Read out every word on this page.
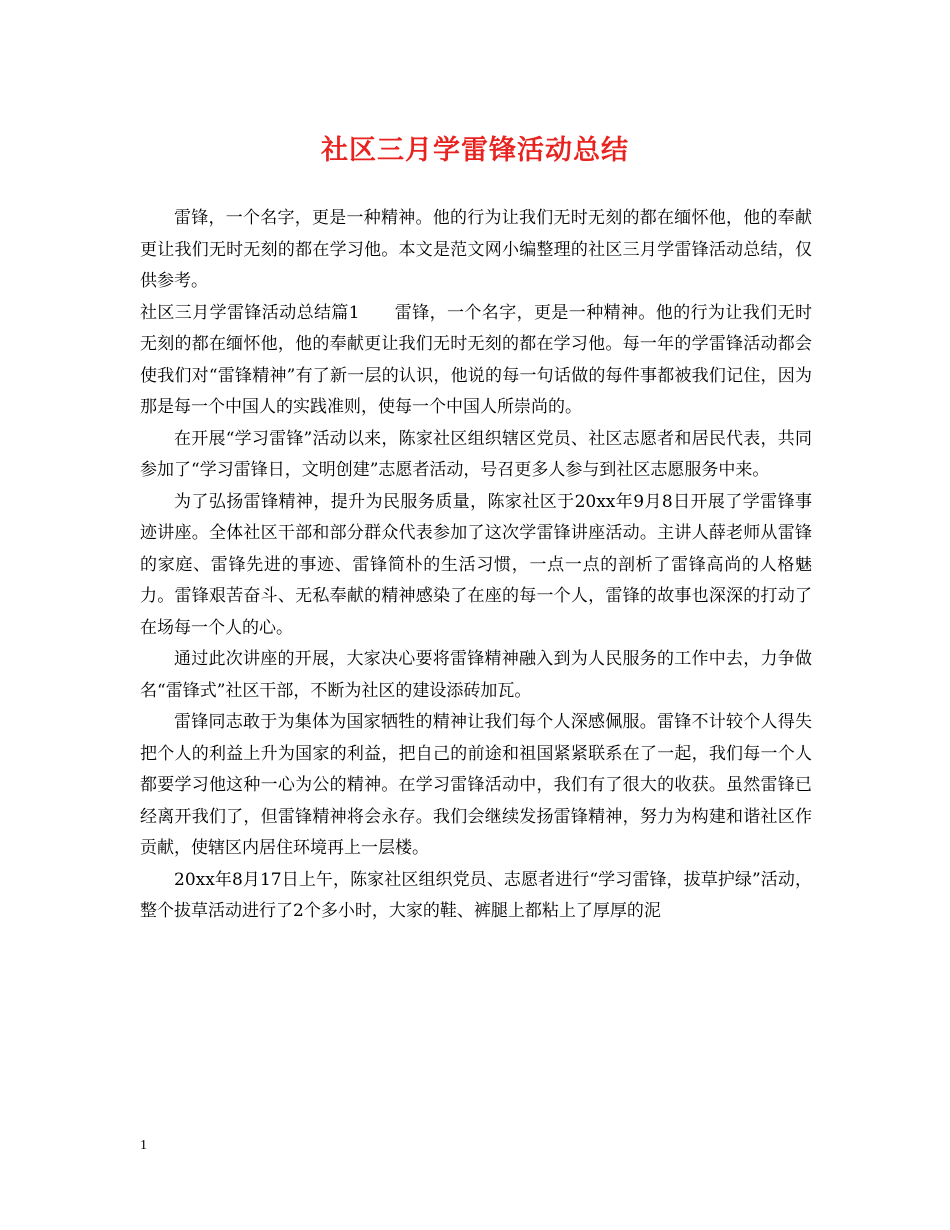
社区三月学雷锋活动总结

雷锋，一个名字，更是一种精神。他的行为让我们无时无刻的都在缅怀他，他的奉献更让我们无时无刻的都在学习他。本文是范文网小编整理的社区三月学雷锋活动总结，仅供参考。

社区三月学雷锋活动总结篇1　　雷锋，一个名字，更是一种精神。他的行为让我们无时无刻的都在缅怀他，他的奉献更让我们无时无刻的都在学习他。每一年的学雷锋活动都会使我们对“雷锋精神”有了新一层的认识，他说的每一句话做的每件事都被我们记住，因为那是每一个中国人的实践准则，使每一个中国人所崇尚的。

在开展“学习雷锋”活动以来，陈家社区组织辖区党员、社区志愿者和居民代表，共同参加了“学习雷锋日，文明创建”志愿者活动，号召更多人参与到社区志愿服务中来。

为了弘扬雷锋精神，提升为民服务质量，陈家社区于20xx年9月8日开展了学雷锋事迹讲座。全体社区干部和部分群众代表参加了这次学雷锋讲座活动。主讲人薛老师从雷锋的家庭、雷锋先进的事迹、雷锋简朴的生活习惯，一点一点的剖析了雷锋高尚的人格魅力。雷锋艰苦奋斗、无私奉献的精神感染了在座的每一个人，雷锋的故事也深深的打动了在场每一个人的心。

通过此次讲座的开展，大家决心要将雷锋精神融入到为人民服务的工作中去，力争做名“雷锋式”社区干部，不断为社区的建设添砖加瓦。

雷锋同志敢于为集体为国家牺牲的精神让我们每个人深感佩服。雷锋不计较个人得失把个人的利益上升为国家的利益，把自己的前途和祖国紧紧联系在了一起，我们每一个人都要学习他这种一心为公的精神。在学习雷锋活动中，我们有了很大的收获。虽然雷锋已经离开我们了，但雷锋精神将会永存。我们会继续发扬雷锋精神，努力为构建和谐社区作贡献，使辖区内居住环境再上一层楼。

20xx年8月17日上午，陈家社区组织党员、志愿者进行“学习雷锋，拔草护绿”活动，整个拔草活动进行了2个多小时，大家的鞋、裤腿上都粘上了厚厚的泥

1
